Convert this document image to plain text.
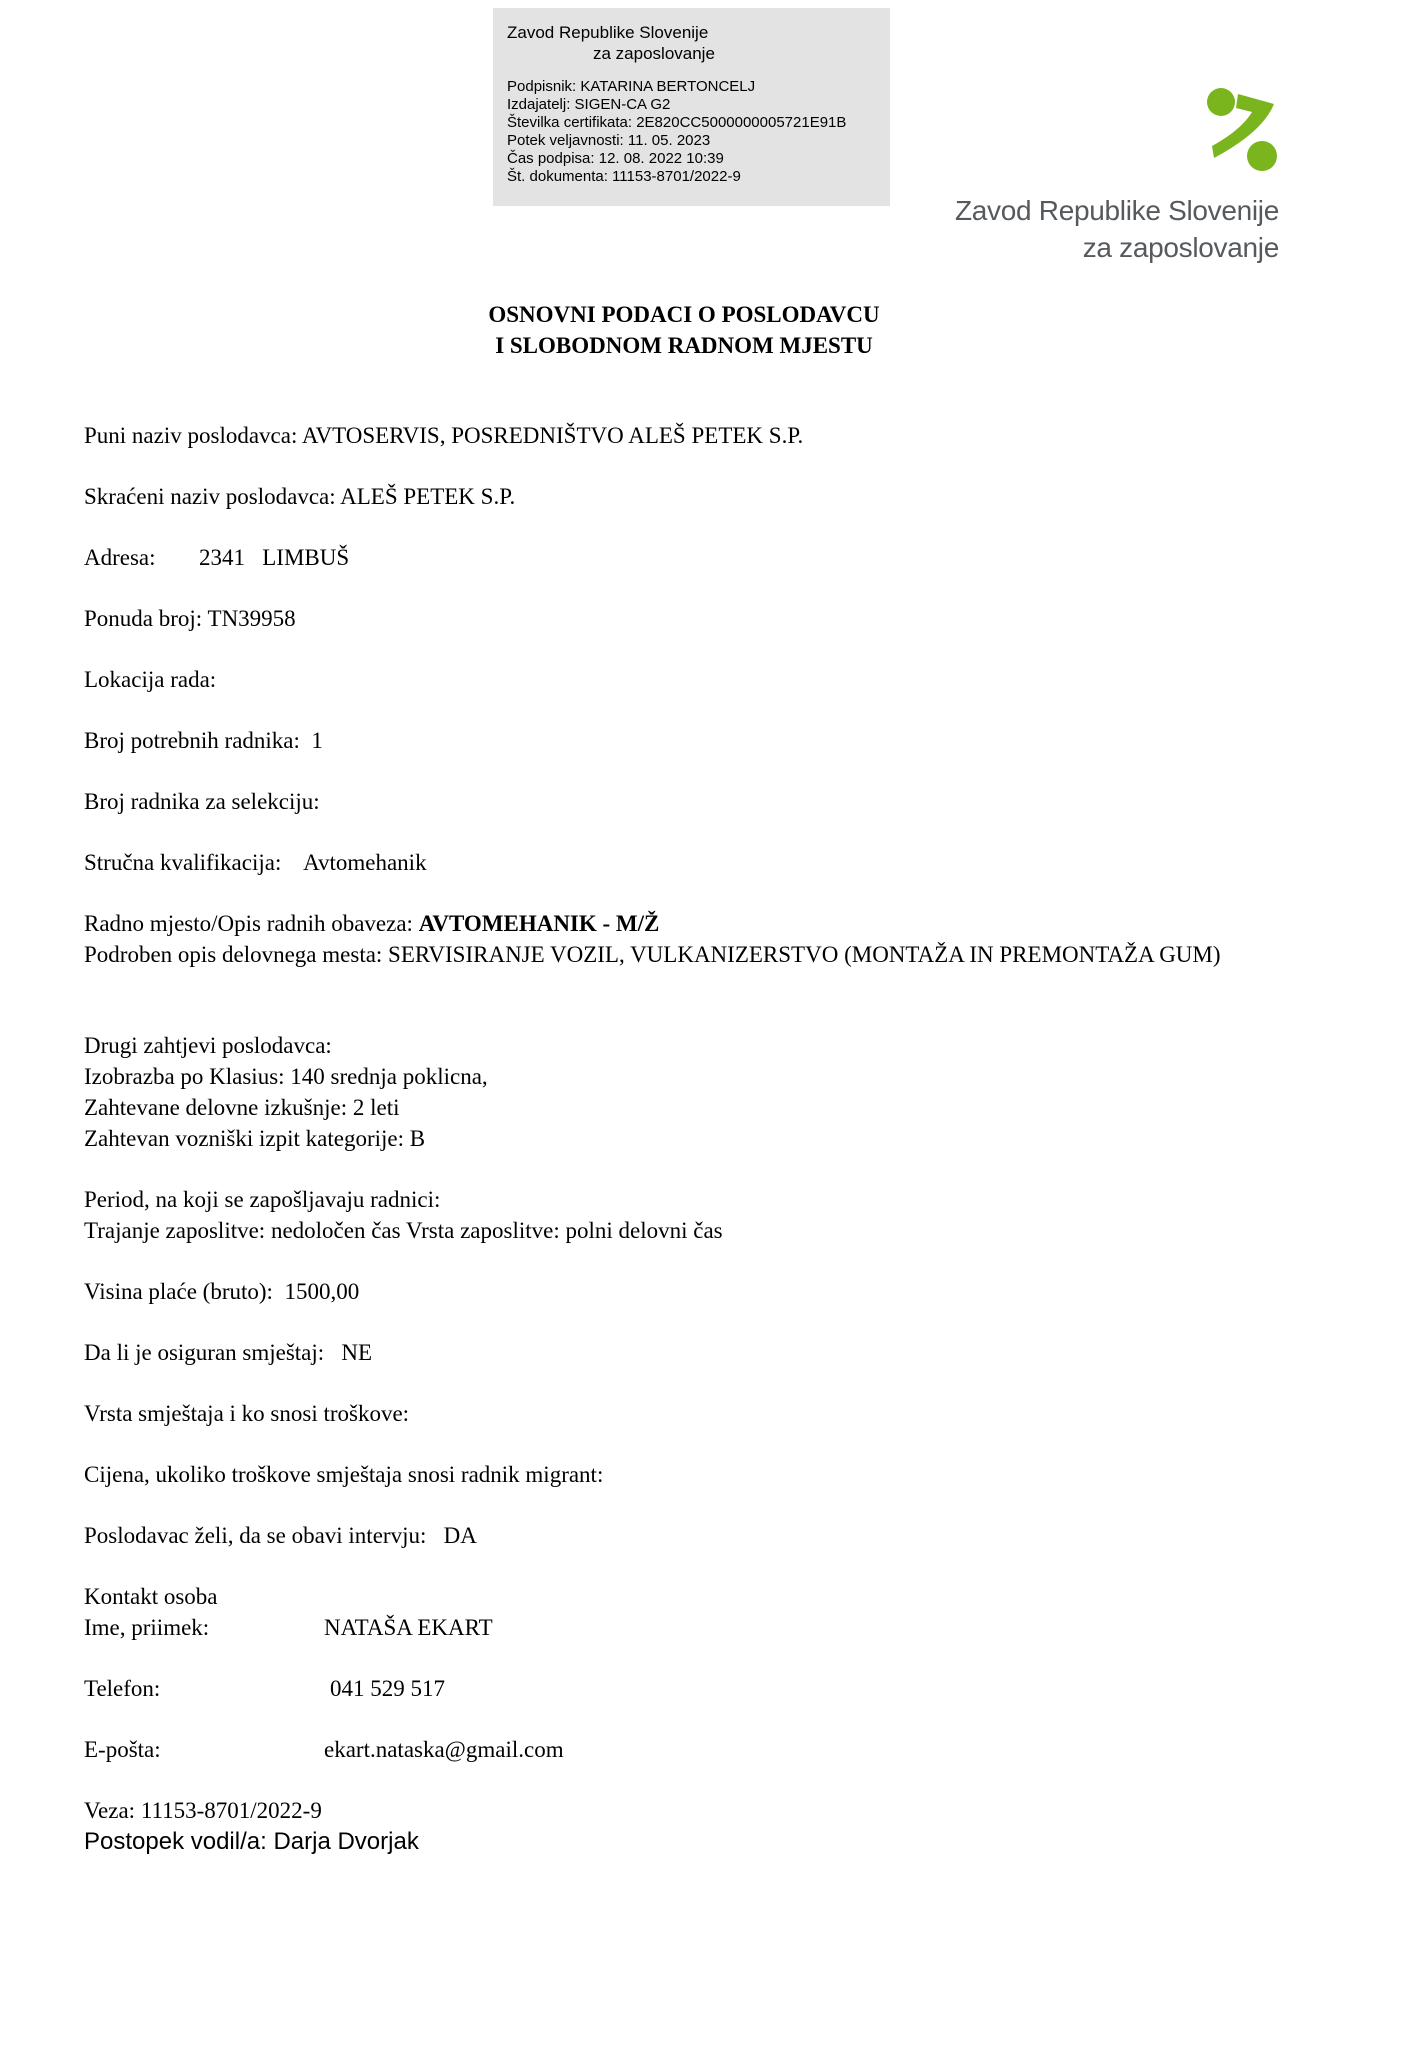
Zavod Republike Slovenije
za zaposlovanje
Podpisnik: KATARINA BERTONCELJ
Izdajatelj: SIGEN-CA G2
Številka certifikata: 2E820CC5000000005721E91B
Potek veljavnosti: 11. 05. 2023
Čas podpisa: 12. 08. 2022 10:39
Št. dokumenta: 11153-8701/2022-9
Zavod Republike Slovenije
za zaposlovanje
OSNOVNI PODACI O POSLODAVCU
I SLOBODNOM RADNOM MJESTU
Puni naziv poslodavca: AVTOSERVIS, POSREDNIŠTVO ALEŠ PETEK S.P.
Skraćeni naziv poslodavca: ALEŠ PETEK S.P.
Adresa: 2341   LIMBUŠ
Ponuda broj: TN39958
Lokacija rada:
Broj potrebnih radnika:  1
Broj radnika za selekciju:
Stručna kvalifikacija:    Avtomehanik
Radno mjesto/Opis radnih obaveza: AVTOMEHANIK - M/Ž
Podroben opis delovnega mesta: SERVISIRANJE VOZIL, VULKANIZERSTVO (MONTAŽA IN PREMONTAŽA GUM)
Drugi zahtjevi poslodavca:
Izobrazba po Klasius: 140 srednja poklicna,
Zahtevane delovne izkušnje: 2 leti
Zahtevan vozniški izpit kategorije: B
Period, na koji se zapošljavaju radnici:
Trajanje zaposlitve: nedoločen čas Vrsta zaposlitve: polni delovni čas
Visina plaće (bruto):  1500,00
Da li je osiguran smještaj:   NE
Vrsta smještaja i ko snosi troškove:
Cijena, ukoliko troškove smještaja snosi radnik migrant:
Poslodavac želi, da se obavi intervju:   DA
Kontakt osoba
Ime, priimek:	NATAŠA EKART
Telefon:	041 529 517
E-pošta:	ekart.nataska@gmail.com
Veza: 11153-8701/2022-9
Postopek vodil/a: Darja Dvorjak
